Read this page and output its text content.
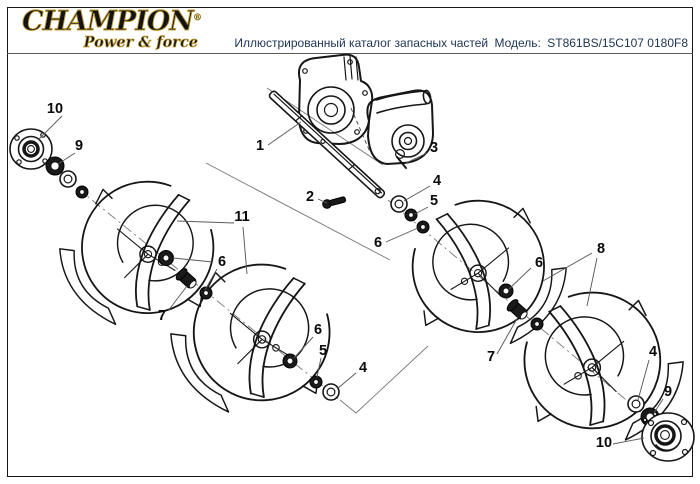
CHAMPION®
Power & force	Иллюстрированный каталог запасных частей Модель: ST861BS/15C107 0180F8
10
9	1
2
3
4
5
6
11
6
7
6
5
4
8
6
7	4
9
10
